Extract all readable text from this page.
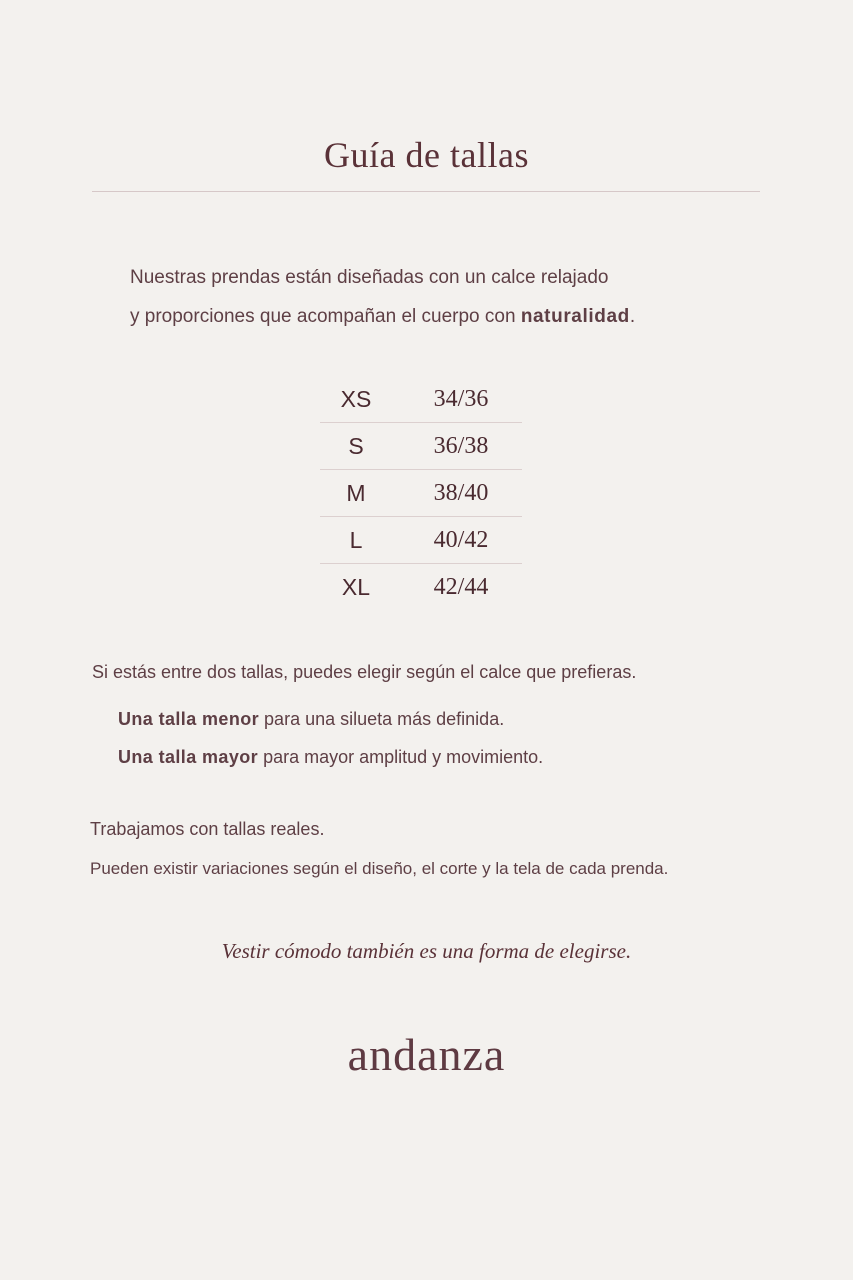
Guía de tallas
Nuestras prendas están diseñadas con un calce relajado
y proporciones que acompañan el cuerpo con naturalidad.
XS	34/36
S	36/38
M	38/40
L	40/42
XL	42/44
Si estás entre dos tallas, puedes elegir según el calce que prefieras.
Una talla menor para una silueta más definida.
Una talla mayor para mayor amplitud y movimiento.
Trabajamos con tallas reales.
Pueden existir variaciones según el diseño, el corte y la tela de cada prenda.
Vestir cómodo también es una forma de elegirse.
andanza
